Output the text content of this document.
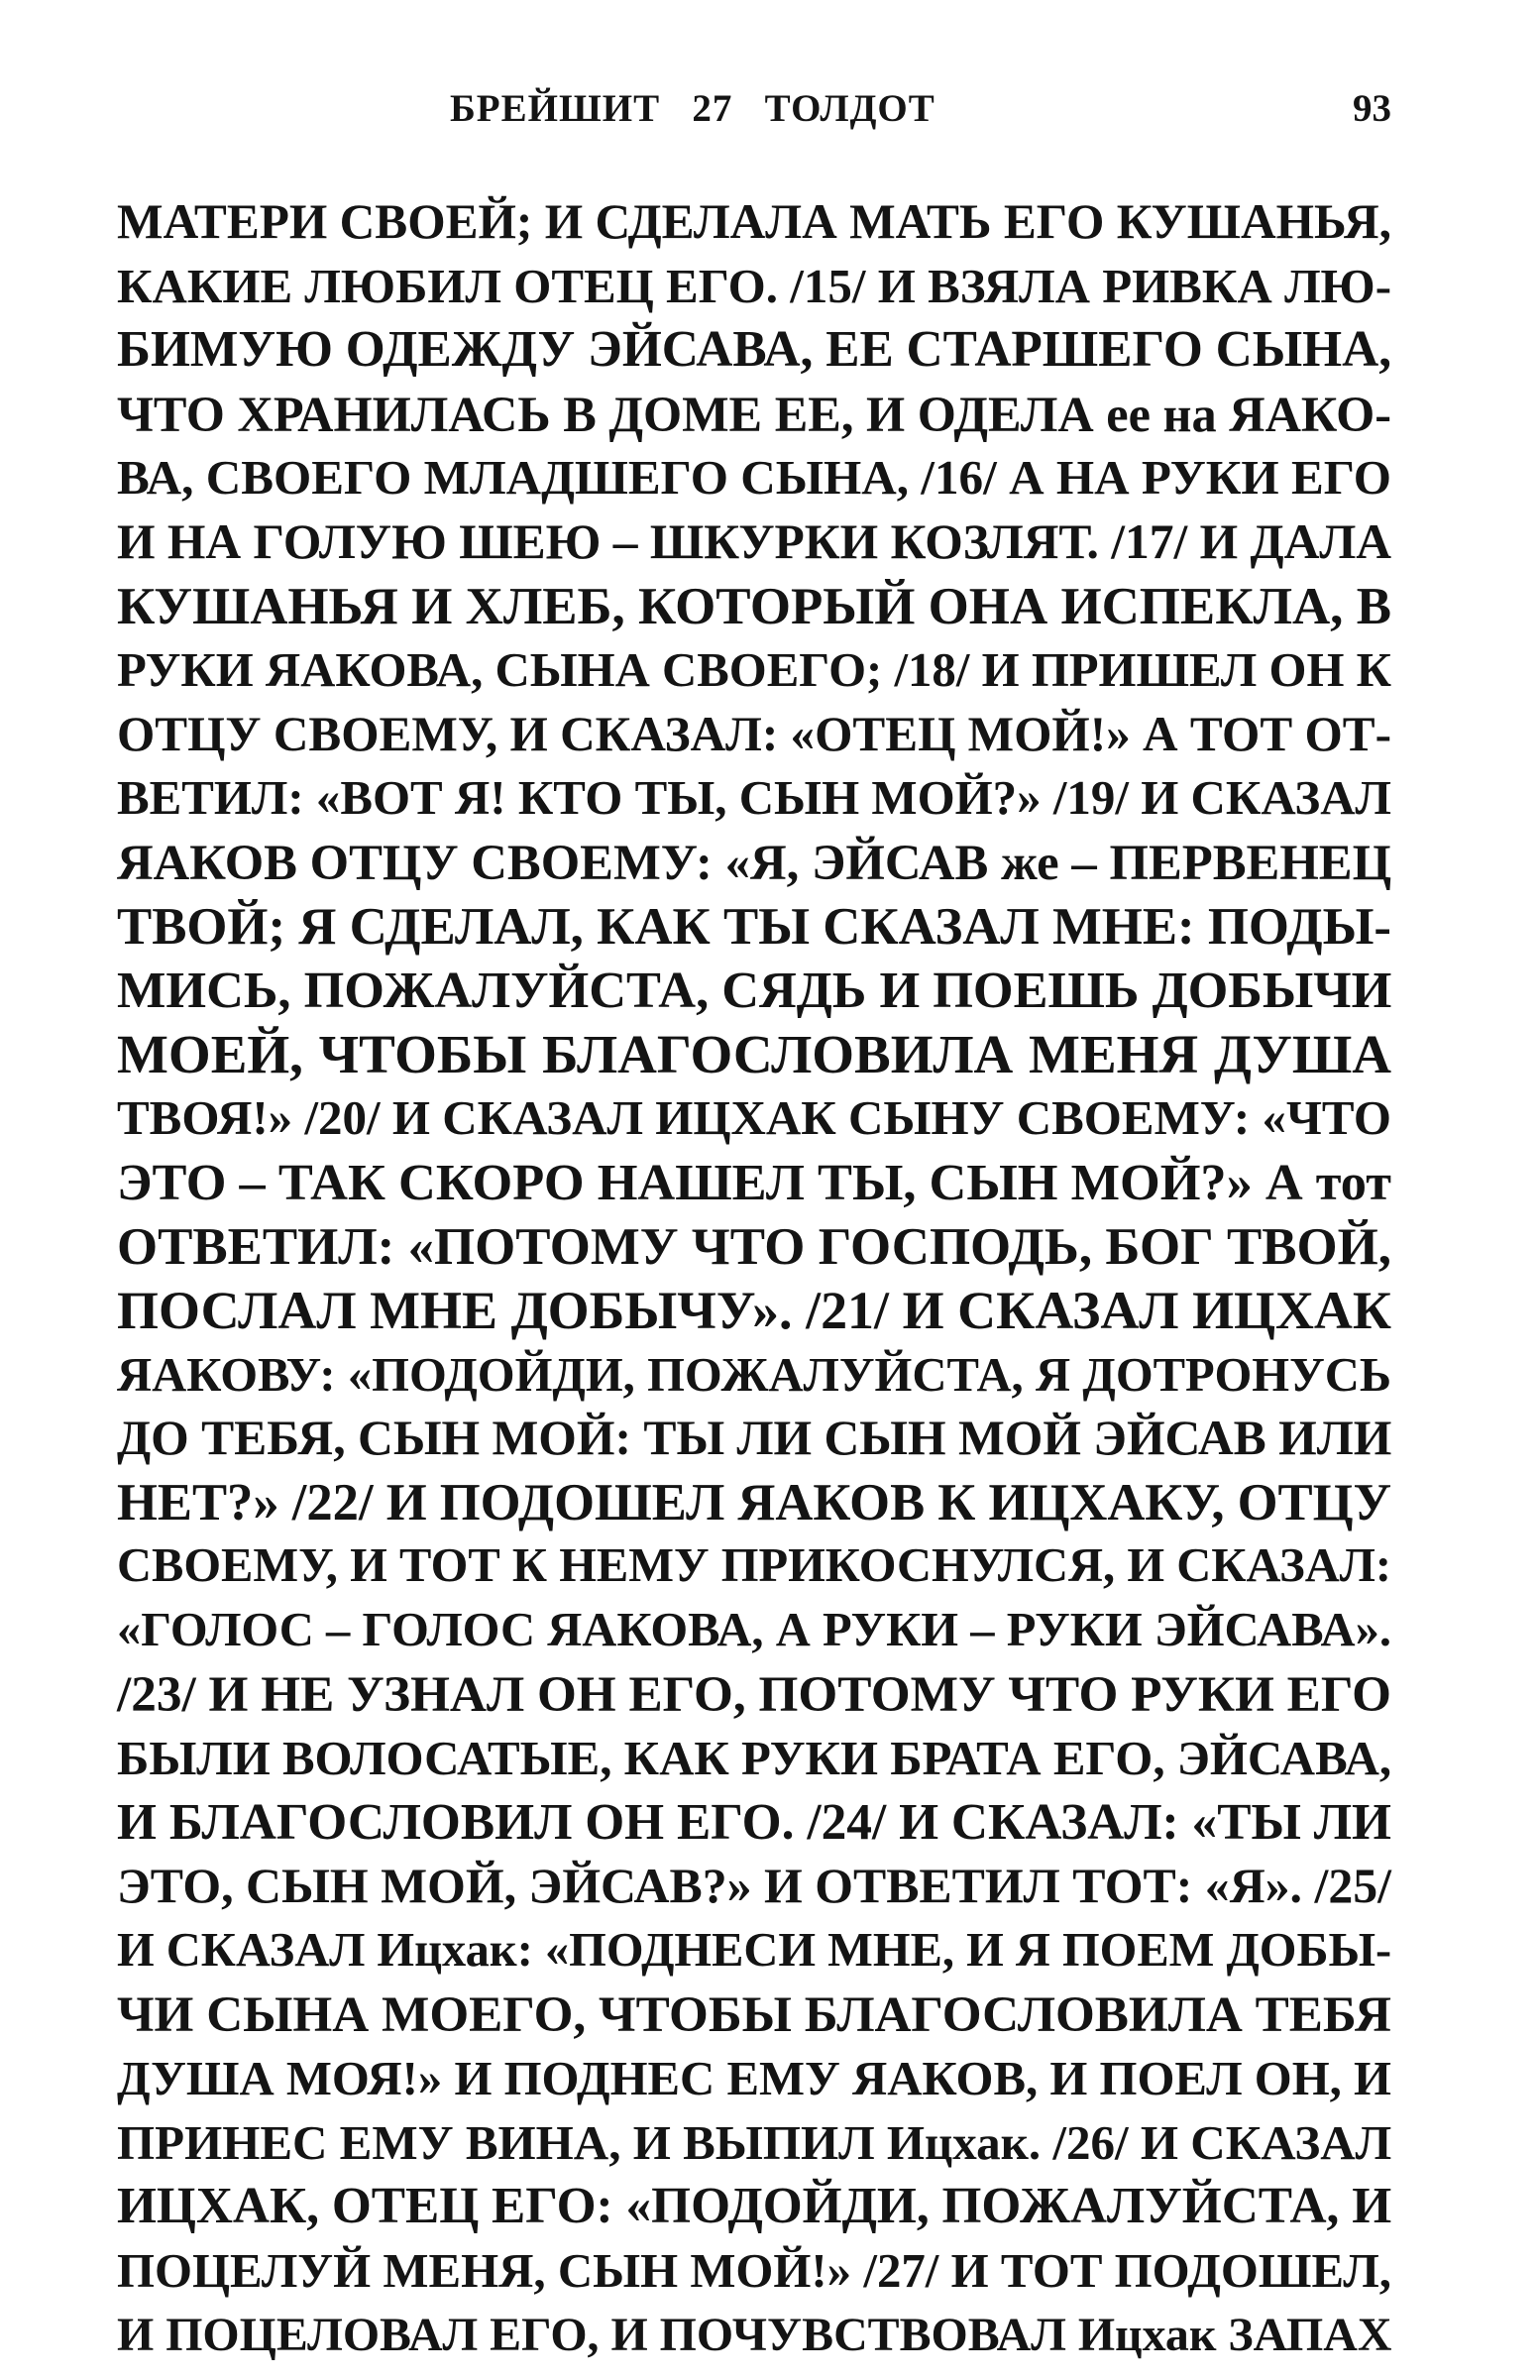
БРЕЙШИТ   27   ТОЛДОТ	93
МАТЕРИ СВОЕЙ; И СДЕЛАЛА МАТЬ ЕГО КУШАНЬЯ,
КАКИЕ ЛЮБИЛ ОТЕЦ ЕГО. /15/ И ВЗЯЛА РИВКА ЛЮ-
БИМУЮ ОДЕЖДУ ЭЙСАВА, ЕЕ СТАРШЕГО СЫНА,
ЧТО ХРАНИЛАСЬ В ДОМЕ ЕЕ, И ОДЕЛА ее на ЯАКО-
ВА, СВОЕГО МЛАДШЕГО СЫНА, /16/ А НА РУКИ ЕГО
И НА ГОЛУЮ ШЕЮ – ШКУРКИ КОЗЛЯТ. /17/ И ДАЛА
КУШАНЬЯ И ХЛЕБ, КОТОРЫЙ ОНА ИСПЕКЛА, В
РУКИ ЯАКОВА, СЫНА СВОЕГО; /18/ И ПРИШЕЛ ОН К
ОТЦУ СВОЕМУ, И СКАЗАЛ: «ОТЕЦ МОЙ!» А ТОТ ОТ-
ВЕТИЛ: «ВОТ Я! КТО ТЫ, СЫН МОЙ?» /19/ И СКАЗАЛ
ЯАКОВ ОТЦУ СВОЕМУ: «Я, ЭЙСАВ же – ПЕРВЕНЕЦ
ТВОЙ; Я СДЕЛАЛ, КАК ТЫ СКАЗАЛ МНЕ: ПОДЫ-
МИСЬ, ПОЖАЛУЙСТА, СЯДЬ И ПОЕШЬ ДОБЫЧИ
МОЕЙ, ЧТОБЫ БЛАГОСЛОВИЛА МЕНЯ ДУША
ТВОЯ!» /20/ И СКАЗАЛ ИЦХАК СЫНУ СВОЕМУ: «ЧТО
ЭТО – ТАК СКОРО НАШЕЛ ТЫ, СЫН МОЙ?» А тот
ОТВЕТИЛ: «ПОТОМУ ЧТО ГОСПОДЬ, БОГ ТВОЙ,
ПОСЛАЛ МНЕ ДОБЫЧУ». /21/ И СКАЗАЛ ИЦХАК
ЯАКОВУ: «ПОДОЙДИ, ПОЖАЛУЙСТА, Я ДОТРОНУСЬ
ДО ТЕБЯ, СЫН МОЙ: ТЫ ЛИ СЫН МОЙ ЭЙСАВ ИЛИ
НЕТ?» /22/ И ПОДОШЕЛ ЯАКОВ К ИЦХАКУ, ОТЦУ
СВОЕМУ, И ТОТ К НЕМУ ПРИКОСНУЛСЯ, И СКАЗАЛ:
«ГОЛОС – ГОЛОС ЯАКОВА, А РУКИ – РУКИ ЭЙСАВА».
/23/ И НЕ УЗНАЛ ОН ЕГО, ПОТОМУ ЧТО РУКИ ЕГО
БЫЛИ ВОЛОСАТЫЕ, КАК РУКИ БРАТА ЕГО, ЭЙСАВА,
И БЛАГОСЛОВИЛ ОН ЕГО. /24/ И СКАЗАЛ: «ТЫ ЛИ
ЭТО, СЫН МОЙ, ЭЙСАВ?» И ОТВЕТИЛ ТОТ: «Я». /25/
И СКАЗАЛ Ицхак: «ПОДНЕСИ МНЕ, И Я ПОЕМ ДОБЫ-
ЧИ СЫНА МОЕГО, ЧТОБЫ БЛАГОСЛОВИЛА ТЕБЯ
ДУША МОЯ!» И ПОДНЕС ЕМУ ЯАКОВ, И ПОЕЛ ОН, И
ПРИНЕС ЕМУ ВИНА, И ВЫПИЛ Ицхак. /26/ И СКАЗАЛ
ИЦХАК, ОТЕЦ ЕГО: «ПОДОЙДИ, ПОЖАЛУЙСТА, И
ПОЦЕЛУЙ МЕНЯ, СЫН МОЙ!» /27/ И ТОТ ПОДОШЕЛ,
И ПОЦЕЛОВАЛ ЕГО, И ПОЧУВСТВОВАЛ Ицхак ЗАПАХ
